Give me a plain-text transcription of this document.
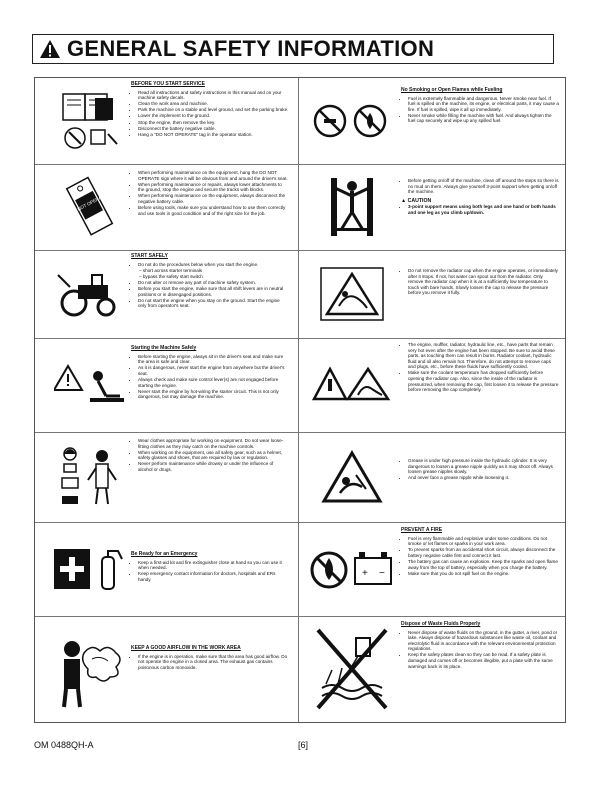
GENERAL SAFETY INFORMATION
BEFORE YOU START SERVICE
• Read all instructions and safety instructions in this manual and on your machine safety decals.
• Clean the work area and machine.
• Park the machine on a stable and level ground, and set the parking brake.
• Lower the implement to the ground.
• Stop the engine, then remove the key.
• Disconnect the battery negative cable.
• Hang a "DO NOT OPERATE" tag in the operator station.
No Smoking or Open Flames while Fueling
• Fuel is extremely flammable and dangerous. Never smoke near fuel. If fuel is spilled on the machine, its engine, or electrical parts, it may cause a fire. If fuel is spilled, wipe it all up immediately.
• Never smoke while filling the machine with fuel. And always tighten the fuel cap securely and wipe up any spilled fuel.
DO NOT OPERATE
• When performing maintenance on the equipment, hang the DO NOT OPERATE sign where it will be obvious from and around the driver's seat.
• When performing maintenance or repairs, always lower attachments to the ground, stop the engine and secure the tracks with blocks.
• When performing maintenance on the equipment, always disconnect the negative battery cable.
• Before using tools, make sure you understand how to use them correctly and use tools in good condition and of the right size for the job.
• Before getting on/off of the machine, clean off around the steps so there is no mud on them. Always give yourself 3-point support when getting on/off the machine.
▲ CAUTION
• 3-point support means using both legs and one hand or both hands and one leg as you climb up/down.
START SAFELY
• Do not do the procedures below when you start the engine.
– short across starter terminals
– bypass the safety start switch
• Do not alter or remove any part of machine safety system.
• Before you start the engine, make sure that all shift levers are in neutral positions or in disengaged positions.
• Do not start the engine when you stay on the ground. Start the engine only from operator's seat.
• Do not remove the radiator cap when the engine operates, or immediately after it stops. If not, hot water can spout out from the radiator. Only remove the radiator cap when it is at a sufficiently low temperature to touch with bare hands. Slowly loosen the cap to release the pressure before you remove it fully.
Starting the Machine Safely
• Before starting the engine, always sit in the driver's seat and make sure the area is safe and clear.
• As it is dangerous, never start the engine from anywhere but the driver's seat.
• Always check and make sure control lever(s) are not engaged before starting the engine.
• Never start the engine by hot-wiring the starter circuit. This is not only dangerous, but may damage the machine.
• The engine, muffler, radiator, hydraulic line, etc., have parts that remain very hot even after the engine has been stopped. Be sure to avoid these parts, as touching them can result in burns. Radiator coolant, hydraulic fluid and oil also remain hot. Therefore, do not attempt to remove caps and plugs, etc., before these fluids have sufficiently cooled.
• Make sure the coolant temperature has dropped sufficiently before opening the radiator cap. Also, since the inside of the radiator is pressurized, when removing the cap, first loosen it to release the pressure before removing the cap completely.
• Wear clothes appropriate for working on equipment. Do not wear loose-fitting clothes as they may catch on the machine controls.
• When working on the equipment, use all safety gear, such as a helmet, safety glasses and shoes, that are required by law or regulation.
• Never perform maintenance while drowsy or under the influence of alcohol or drugs.
• Grease is under high pressure inside the hydraulic cylinder. It is very dangerous to loosen a grease nipple quickly as it may shoot off. Always loosen grease nipples slowly.
• And never face a grease nipple while loosening it.
Be Ready for an Emergency
• Keep a first-aid kit and fire extinguisher close at hand so you can use it when needed.
• Keep emergency contact information for doctors, hospitals and ERs handy.
+ −
PREVENT A FIRE
• Fuel is very flammable and explosive under some conditions. Do not smoke or let flames or sparks in your work area.
• To prevent sparks from an accidental short circuit, always disconnect the battery negative cable first and connect it last.
• The battery gas can cause an explosion. Keep the sparks and open flame away from the top of battery, especially when you charge the battery.
• Make sure that you do not spill fuel on the engine.
KEEP A GOOD AIRFLOW IN THE WORK AREA
• If the engine is in operation, make sure that the area has good airflow. Do not operate the engine in a closed area. The exhaust gas contains poisonous carbon monoxide.
Dispose of Waste Fluids Properly
• Never dispose of waste fluids on the ground, in the gutter, a river, pond or lake. Always dispose of hazardous substances like waste oil, coolant and electrolytic fluid in accordance with the relevant environmental protection regulations.
• Keep the safety plates clean so they can be read. If a safety plate is damaged and comes off or becomes illegible, put a plate with the same warnings back in its place.
OM 0488QH-A	[6]
